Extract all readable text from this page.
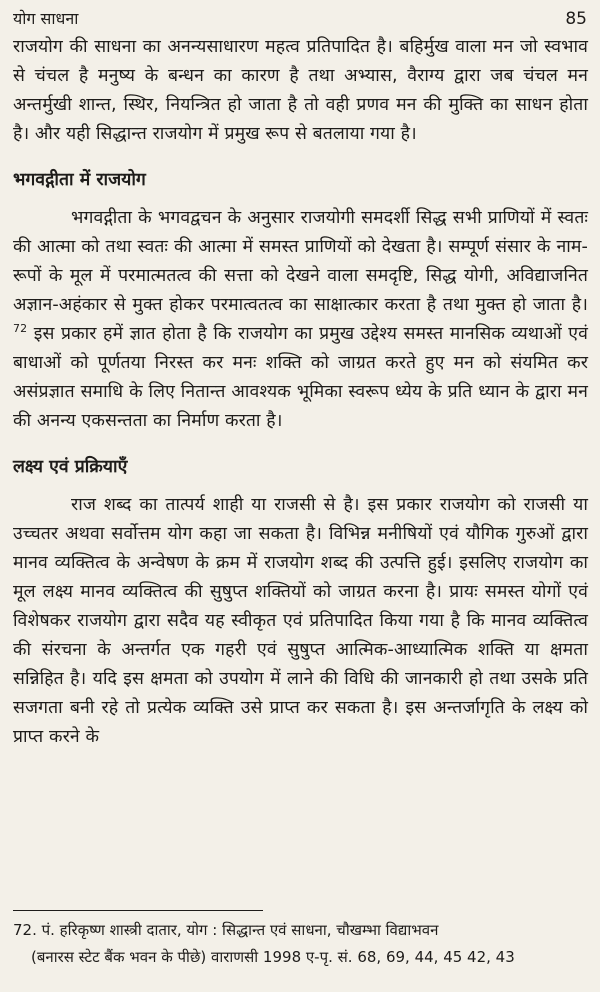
योग साधना	85

राजयोग की साधना का अनन्यसाधारण महत्व प्रतिपादित है। बहिर्मुख वाला मन जो स्वभाव से चंचल है मनुष्य के बन्धन का कारण है तथा अभ्यास, वैराग्य द्वारा जब चंचल मन अन्तर्मुखी शान्त, स्थिर, नियन्त्रित हो जाता है तो वही प्रणव मन की मुक्ति का साधन होता है। और यही सिद्धान्त राजयोग में प्रमुख रूप से बतलाया गया है।

भगवद्गीता में राजयोग

भगवद्गीता के भगवद्वचन के अनुसार राजयोगी समदर्शी सिद्ध सभी प्राणियों में स्वतः की आत्मा को तथा स्वतः की आत्मा में समस्त प्राणियों को देखता है। सम्पूर्ण संसार के नाम-रूपों के मूल में परमात्मतत्व की सत्ता को देखने वाला समदृष्टि, सिद्ध योगी, अविद्याजनित अज्ञान-अहंकार से मुक्त होकर परमात्वतत्व का साक्षात्कार करता है तथा मुक्त हो जाता है।$^{72}$ इस प्रकार हमें ज्ञात होता है कि राजयोग का प्रमुख उद्देश्य समस्त मानसिक व्यथाओं एवं बाधाओं को पूर्णतया निरस्त कर मनः शक्ति को जाग्रत करते हुए मन को संयमित कर असंप्रज्ञात समाधि के लिए नितान्त आवश्यक भूमिका स्वरूप ध्येय के प्रति ध्यान के द्वारा मन की अनन्य एकसन्तता का निर्माण करता है।

लक्ष्य एवं प्रक्रियाएँ

राज शब्द का तात्पर्य शाही या राजसी से है। इस प्रकार राजयोग को राजसी या उच्चतर अथवा सर्वोत्तम योग कहा जा सकता है। विभिन्न मनीषियों एवं यौगिक गुरुओं द्वारा मानव व्यक्तित्व के अन्वेषण के क्रम में राजयोग शब्द की उत्पत्ति हुई। इसलिए राजयोग का मूल लक्ष्य मानव व्यक्तित्व की सुषुप्त शक्तियों को जाग्रत करना है। प्रायः समस्त योगों एवं विशेषकर राजयोग द्वारा सदैव यह स्वीकृत एवं प्रतिपादित किया गया है कि मानव व्यक्तित्व की संरचना के अन्तर्गत एक गहरी एवं सुषुप्त आत्मिक-आध्यात्मिक शक्ति या क्षमता सन्निहित है। यदि इस क्षमता को उपयोग में लाने की विधि की जानकारी हो तथा उसके प्रति सजगता बनी रहे तो प्रत्येक व्यक्ति उसे प्राप्त कर सकता है। इस अन्तर्जागृति के लक्ष्य को प्राप्त करने के

72. पं. हरिकृष्ण शास्त्री दातार, योग : सिद्धान्त एवं साधना, चौखम्भा विद्याभवन
(बनारस स्टेट बैंक भवन के पीछे) वाराणसी 1998 ए-पृ. सं. 68, 69, 44, 45 42, 43
